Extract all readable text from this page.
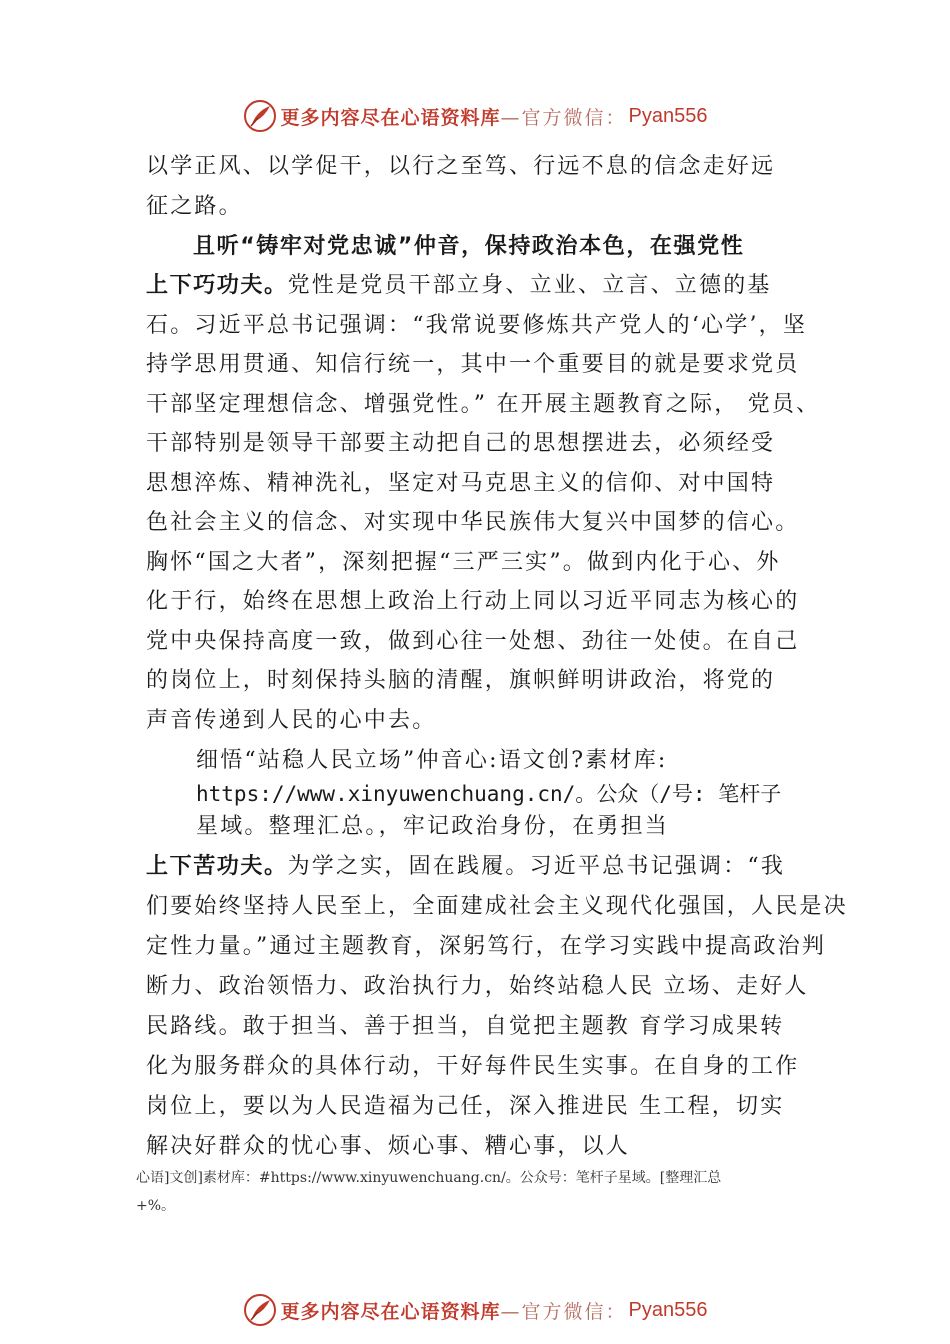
更多内容尽在心语资料库 —官方微信： Pyan556
以学正风、以学促干，以行之至笃、行远不息的信念走好远
征之路。
且听“铸牢对党忠诚”仲音，保持政治本色，在强党性
上下巧功夫。党性是党员干部立身、立业、立言、立德的基
石。习近平总书记强调：“我常说要修炼共产党人的‘心学’，坚
持学思用贯通、知信行统一，其中一个重要目的就是要求党员
干部坚定理想信念、增强党性。” 在开展主题教育之际， 党员、
干部特别是领导干部要主动把自己的思想摆进去，必须经受
思想淬炼、精神洗礼，坚定对马克思主义的信仰、对中国特
色社会主义的信念、对实现中华民族伟大复兴中国梦的信心。
胸怀“国之大者”，深刻把握“三严三实”。做到内化于心、外
化于行，始终在思想上政治上行动上同以习近平同志为核心的
党中央保持高度一致，做到心往一处想、劲往一处使。在自己
的岗位上，时刻保持头脑的清醒，旗帜鲜明讲政治，将党的
声音传递到人民的心中去。
细悟“站稳人民立场”仲音心:语文创?素材库:
https://www.xinyuwenchuang.cn/。公众（/号: 笔杆子
星域。整理汇总。，牢记政治身份，在勇担当
上下苦功夫。为学之实，固在践履。习近平总书记强调：“我
们要始终坚持人民至上，全面建成社会主义现代化强国，人民是决
定性力量。”通过主题教育，深躬笃行，在学习实践中提高政治判
断力、政治领悟力、政治执行力，始终站稳人民 立场、走好人
民路线。敢于担当、善于担当，自觉把主题教 育学习成果转
化为服务群众的具体行动，干好每件民生实事。在自身的工作
岗位上，要以为人民造福为己任，深入推进民 生工程，切实
解决好群众的忧心事、烦心事、糟心事，以人
心语]文创]素材库：#https://www.xinyuwenchuang.cn/。公众号：笔杆子星域。[整理汇总
+%。
更多内容尽在心语资料库 —官方微信： Pyan556
